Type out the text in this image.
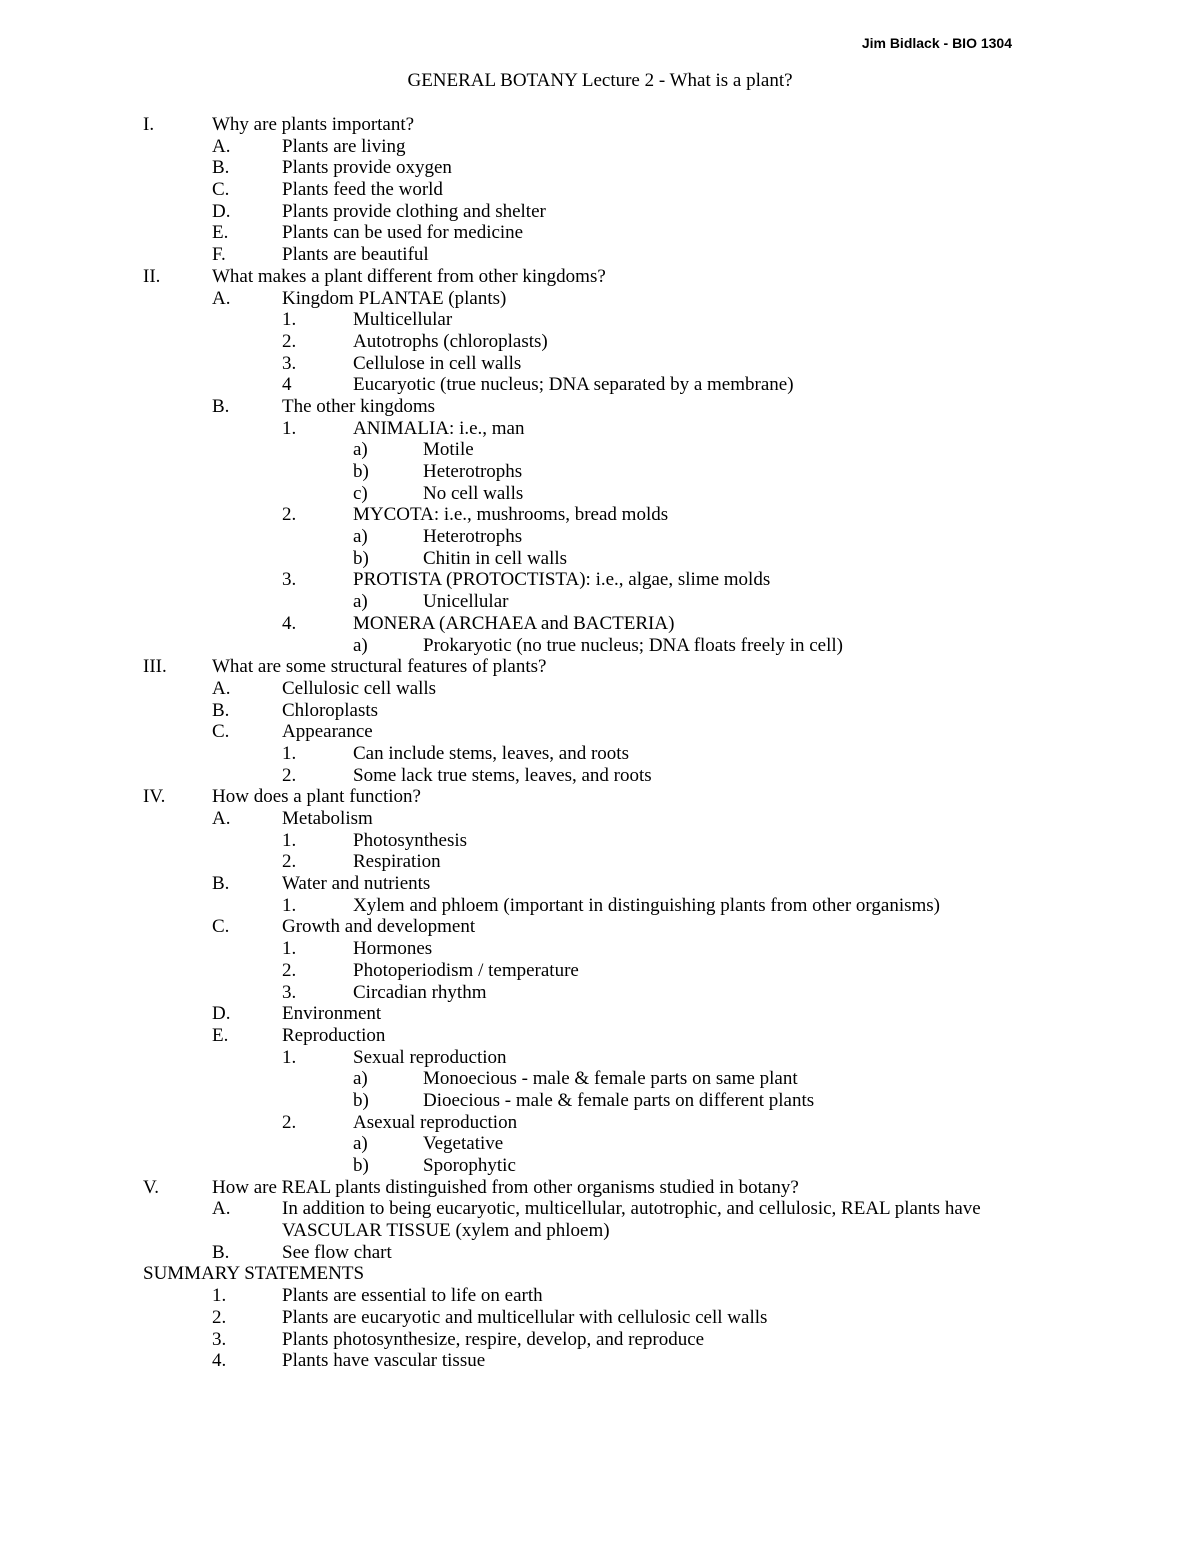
Jim Bidlack - BIO 1304
GENERAL BOTANY Lecture 2 - What is a plant?
I.	Why are plants important?
A.	Plants are living
B.	Plants provide oxygen
C.	Plants feed the world
D.	Plants provide clothing and shelter
E.	Plants can be used for medicine
F.	Plants are beautiful
II.	What makes a plant different from other kingdoms?
A.	Kingdom PLANTAE (plants)
1.	Multicellular
2.	Autotrophs (chloroplasts)
3.	Cellulose in cell walls
4	Eucaryotic (true nucleus; DNA separated by a membrane)
B.	The other kingdoms
1.	ANIMALIA: i.e., man
a)	Motile
b)	Heterotrophs
c)	No cell walls
2.	MYCOTA: i.e., mushrooms, bread molds
a)	Heterotrophs
b)	Chitin in cell walls
3.	PROTISTA (PROTOCTISTA): i.e., algae, slime molds
a)	Unicellular
4.	MONERA (ARCHAEA and BACTERIA)
a)	Prokaryotic (no true nucleus; DNA floats freely in cell)
III. What are some structural features of plants?
A.	Cellulosic cell walls
B.	Chloroplasts
C.	Appearance
1.	Can include stems, leaves, and roots
2.	Some lack true stems, leaves, and roots
IV. How does a plant function?
A.	Metabolism
1.	Photosynthesis
2.	Respiration
B.	Water and nutrients
1.	Xylem and phloem (important in distinguishing plants from other organisms)
C.	Growth and development
1.	Hormones
2.	Photoperiodism / temperature
3.	Circadian rhythm
D.	Environment
E.	Reproduction
1.	Sexual reproduction
a)	Monoecious - male & female parts on same plant
b)	Dioecious - male & female parts on different plants
2.	Asexual reproduction
a)	Vegetative
b)	Sporophytic
V.	How are REAL plants distinguished from other organisms studied in botany?
A.	In addition to being eucaryotic, multicellular, autotrophic, and cellulosic, REAL plants have VASCULAR TISSUE (xylem and phloem)
B.	See flow chart
SUMMARY STATEMENTS
1.	Plants are essential to life on earth
2.	Plants are eucaryotic and multicellular with cellulosic cell walls
3.	Plants photosynthesize, respire, develop, and reproduce
4.	Plants have vascular tissue
